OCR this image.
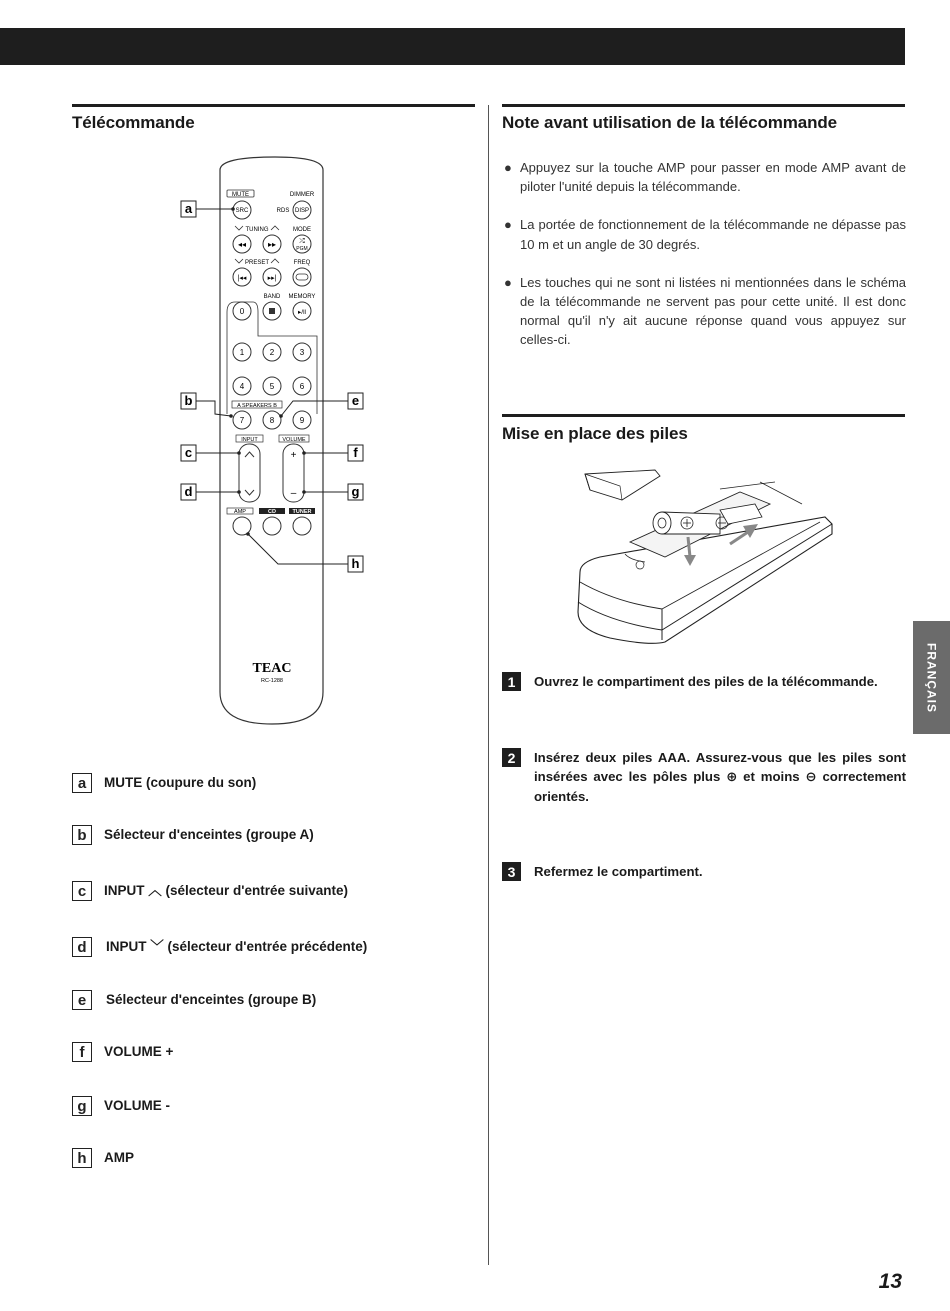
Télécommande
MUTE	DIMMER
SRC	RDS DISP
TUNING	MODE
◂◂	▸▸	⤮
PGM
PRESET	FREQ
|◂◂	▸▸|
BAND MEMORY
0	▸/ll
1	2	3
4	5	6
A SPEAKERS B
7	8	9
INPUT	VOLUME
+
–
AMP	CD	TUNER
TEAC
RC-1288
a
b
c
d
e
f
g
h
a	MUTE (coupure du son)
b	Sélecteur d'enceintes (groupe A)
c	INPUT ︿ (sélecteur d'entrée suivante)
d	INPUT ﹀ (sélecteur d'entrée précédente)
e	Sélecteur d'enceintes (groupe B)
f	VOLUME +
g	VOLUME -
h	AMP
Note avant utilisation de la télécommande
● Appuyez sur la touche AMP pour passer en mode AMP avant de piloter l'unité depuis la télécommande.
● La portée de fonctionnement de la télécommande ne dépasse pas 10 m et un angle de 30 degrés.
● Les touches qui ne sont ni listées ni mentionnées dans le schéma de la télécommande ne servent pas pour cette unité. Il est donc normal qu'il n'y ait aucune réponse quand vous appuyez sur celles-ci.
Mise en place des piles
1	Ouvrez le compartiment des piles de la télécommande.
2	Insérez deux piles AAA. Assurez-vous que les piles sont insérées avec les pôles plus ⊕ et moins ⊖ correctement orientés.
3	Refermez le compartiment.
FRANÇAIS
13
